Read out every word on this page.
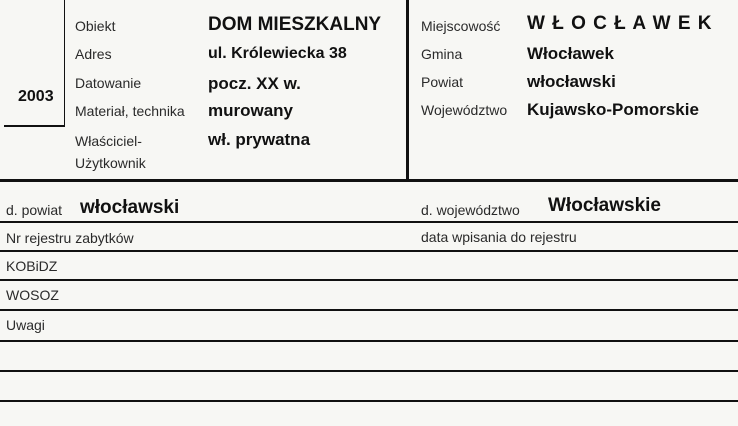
2003
Obiekt
Adres
Datowanie
Materiał, technika
Właściciel-
Użytkownik
DOM MIESZKALNY
ul. Królewiecka 38
pocz. XX w.
murowany
wł. prywatna
Miejscowość
Gmina
Powiat
Województwo
W Ł O C Ł A W E K
Włocławek
włocławski
Kujawsko-Pomorskie
d. powiat włocławski	d. województwo Włocławskie
Nr rejestru zabytków	data wpisania do rejestru
KOBiDZ
WOSOZ
Uwagi
